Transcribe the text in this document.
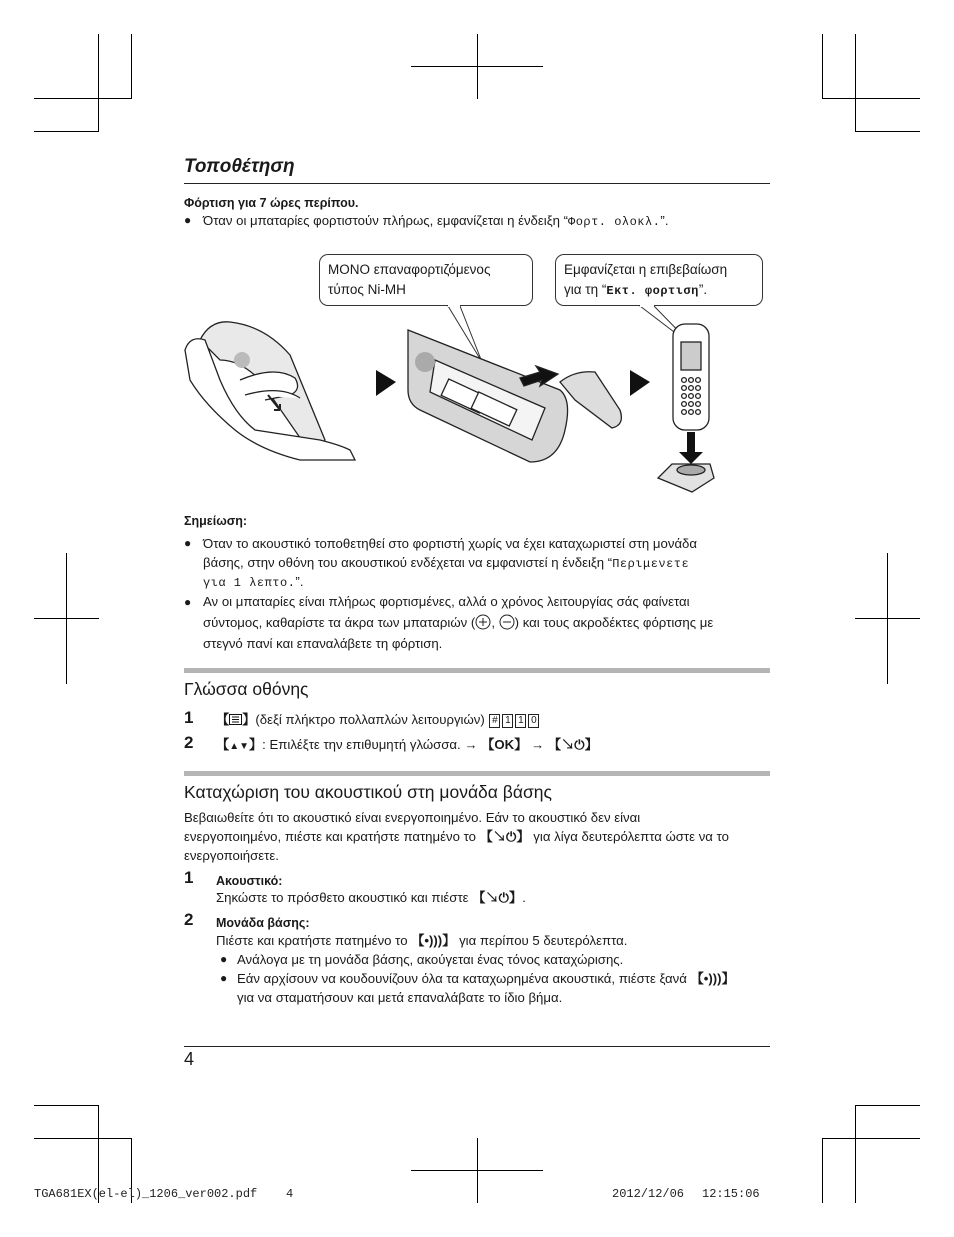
Τοποθέτηση
Φόρτιση για 7 ώρες περίπου.
● Όταν οι μπαταρίες φορτιστούν πλήρως, εμφανίζεται η ένδειξη “Φορτ. ολοκλ.”.
ΜΟΝΟ επαναφορτιζόμενος
τύπος Ni-MH
Εμφανίζεται η επιβεβαίωση
για τη “Εκτ. φορτιση”.
Σημείωση:
● Όταν το ακουστικό τοποθετηθεί στο φορτιστή χωρίς να έχει καταχωριστεί στη μονάδα
βάσης, στην οθόνη του ακουστικού ενδέχεται να εμφανιστεί η ένδειξη “Περιμενετε
για 1 λεπτο.”.
● Αν οι μπαταρίες είναι πλήρως φορτισμένες, αλλά ο χρόνος λειτουργίας σάς φαίνεται
σύντομος, καθαρίστε τα άκρα των μπαταριών ( , ) και τους ακροδέκτες φόρτισης με
στεγνό πανί και επαναλάβετε τη φόρτιση.
Γλώσσα οθόνης
1 【 】(δεξί πλήκτρο πολλαπλών λειτουργιών) # 1 1 0
2 【▲▼】: Επιλέξτε την επιθυμητή γλώσσα. → 【OK】 → 【↘⏻】
Καταχώριση του ακουστικού στη μονάδα βάσης
Βεβαιωθείτε ότι το ακουστικό είναι ενεργοποιημένο. Εάν το ακουστικό δεν είναι
ενεργοποιημένο, πιέστε και κρατήστε πατημένο το 【↘⏻】 για λίγα δευτερόλεπτα ώστε να το
ενεργοποιήσετε.
1 Ακουστικό:
Σηκώστε το πρόσθετο ακουστικό και πιέστε 【↘⏻】.
2 Μονάδα βάσης:
Πιέστε και κρατήστε πατημένο το 【•)))】 για περίπου 5 δευτερόλεπτα.
● Ανάλογα με τη μονάδα βάσης, ακούγεται ένας τόνος καταχώρισης.
● Εάν αρχίσουν να κουδουνίζουν όλα τα καταχωρημένα ακουστικά, πιέστε ξανά 【•)))】
για να σταματήσουν και μετά επαναλάβατε το ίδιο βήμα.
4
TGA681EX(el-el)_1206_ver002.pdf 4	2012/12/06 12:15:06
